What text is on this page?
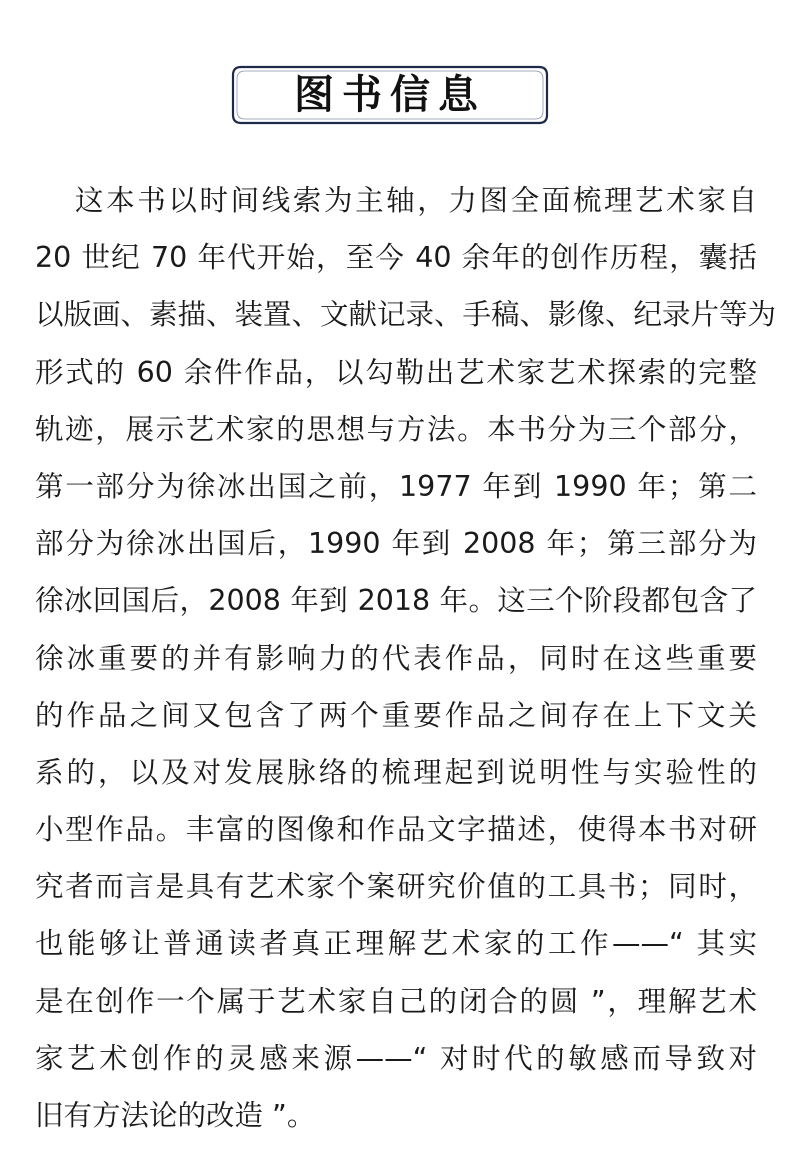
图书信息
这本书以时间线索为主轴，力图全面梳理艺术家自
20 世纪 70 年代开始，至今 40 余年的创作历程，囊括
以版画、素描、装置、文献记录、手稿、影像、纪录片等为
形式的 60 余件作品，以勾勒出艺术家艺术探索的完整
轨迹，展示艺术家的思想与方法。本书分为三个部分，
第一部分为徐冰出国之前，1977 年到 1990 年；第二
部分为徐冰出国后，1990 年到 2008 年；第三部分为
徐冰回国后，2008 年到 2018 年。这三个阶段都包含了
徐冰重要的并有影响力的代表作品，同时在这些重要
的作品之间又包含了两个重要作品之间存在上下文关
系的，以及对发展脉络的梳理起到说明性与实验性的
小型作品。丰富的图像和作品文字描述，使得本书对研
究者而言是具有艺术家个案研究价值的工具书；同时，
也能够让普通读者真正理解艺术家的工作——“ 其实
是在创作一个属于艺术家自己的闭合的圆 ”，理解艺术
家艺术创作的灵感来源——“ 对时代的敏感而导致对
旧有方法论的改造 ”。
